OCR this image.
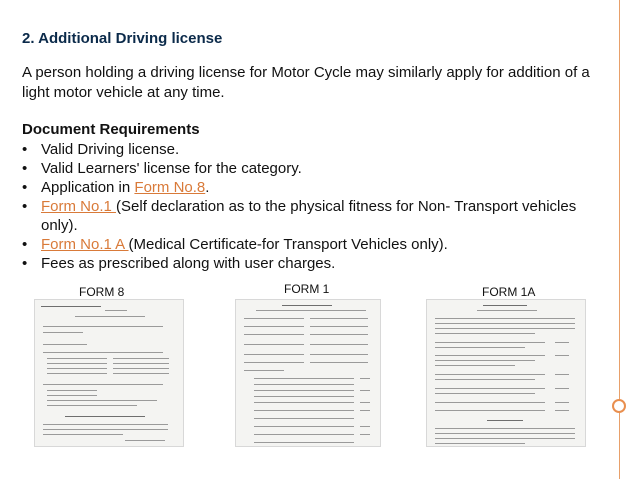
2. Additional Driving license

A person holding a driving license for Motor Cycle may similarly apply for addition of a light motor vehicle at any time.
Document Requirements
• Valid Driving license.
• Valid Learners' license for the category.
• Application in Form No.8.
• Form No.1 (Self declaration as to the physical fitness for Non- Transport vehicles only).
• Form No.1 A (Medical Certificate-for Transport Vehicles only).
• Fees as prescribed along with user charges.
FORM 8	FORM 1	FORM 1A
